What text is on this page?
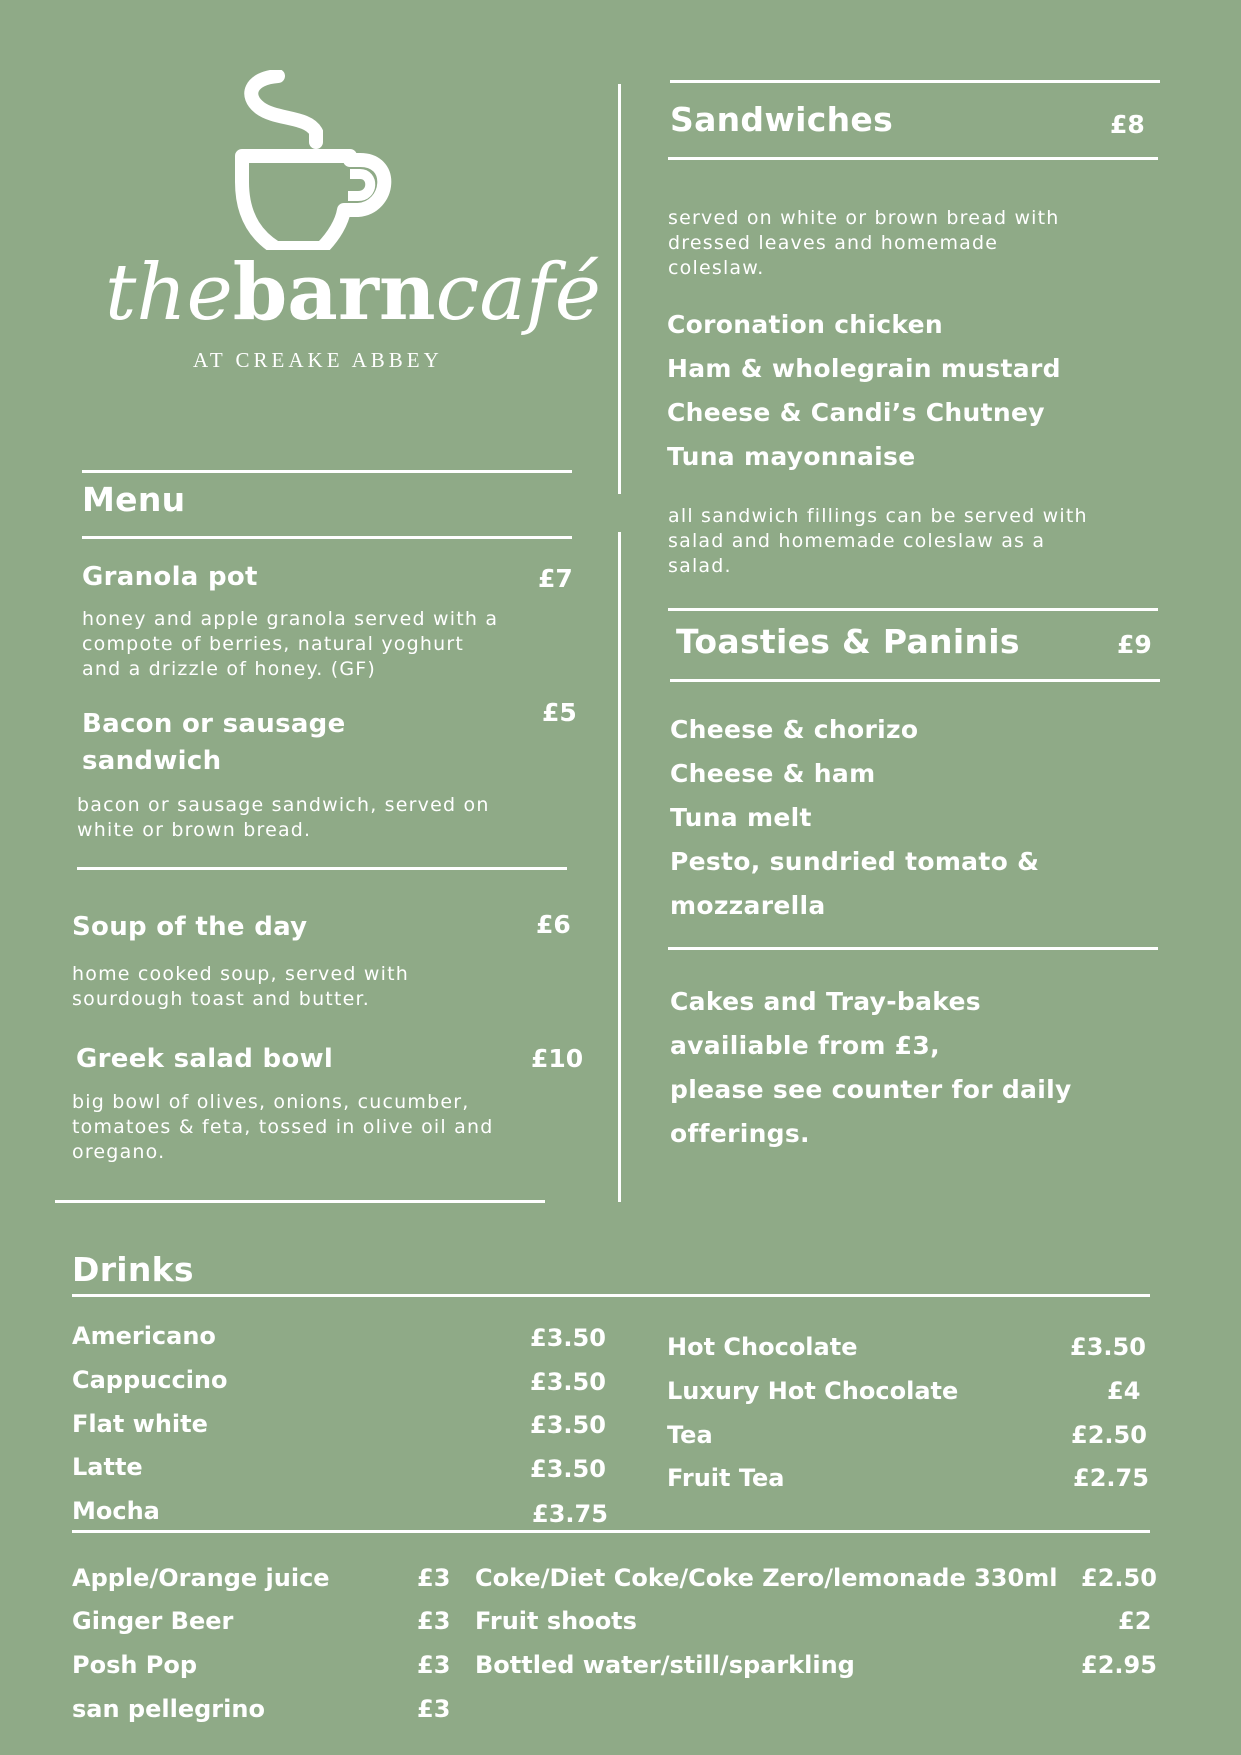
thebarncafé
AT CREAKE ABBEY
Menu
Granola pot	£7
honey and apple granola served with a
compote of berries, natural yoghurt
and a drizzle of honey. (GF)
Bacon or sausage
sandwich
£5
bacon or sausage sandwich, served on
white or brown bread.
Soup of the day	£6
home cooked soup, served with
sourdough toast and butter.
Greek salad bowl	£10
big bowl of olives, onions, cucumber,
tomatoes & feta, tossed in olive oil and
oregano.
Sandwiches	£8
served on white or brown bread with
dressed leaves and homemade
coleslaw.
Coronation chicken
Ham & wholegrain mustard
Cheese & Candi’s Chutney
Tuna mayonnaise
all sandwich fillings can be served with
salad and homemade coleslaw as a
salad.
Toasties & Paninis	£9
Cheese & chorizo
Cheese & ham
Tuna melt
Pesto, sundried tomato &
mozzarella
Cakes and Tray-bakes
availiable from £3,
please see counter for daily
offerings.
Drinks
Americano	£3.50
Cappuccino	£3.50
Flat white	£3.50
Latte	£3.50
Mocha	£3.75
Hot Chocolate	£3.50
Luxury Hot Chocolate	£4
Tea	£2.50
Fruit Tea	£2.75
Apple/Orange juice	£3
Ginger Beer	£3
Posh Pop	£3
san pellegrino	£3
Coke/Diet Coke/Coke Zero/lemonade 330ml £2.50
Fruit shoots	£2
Bottled water/still/sparkling	£2.95
